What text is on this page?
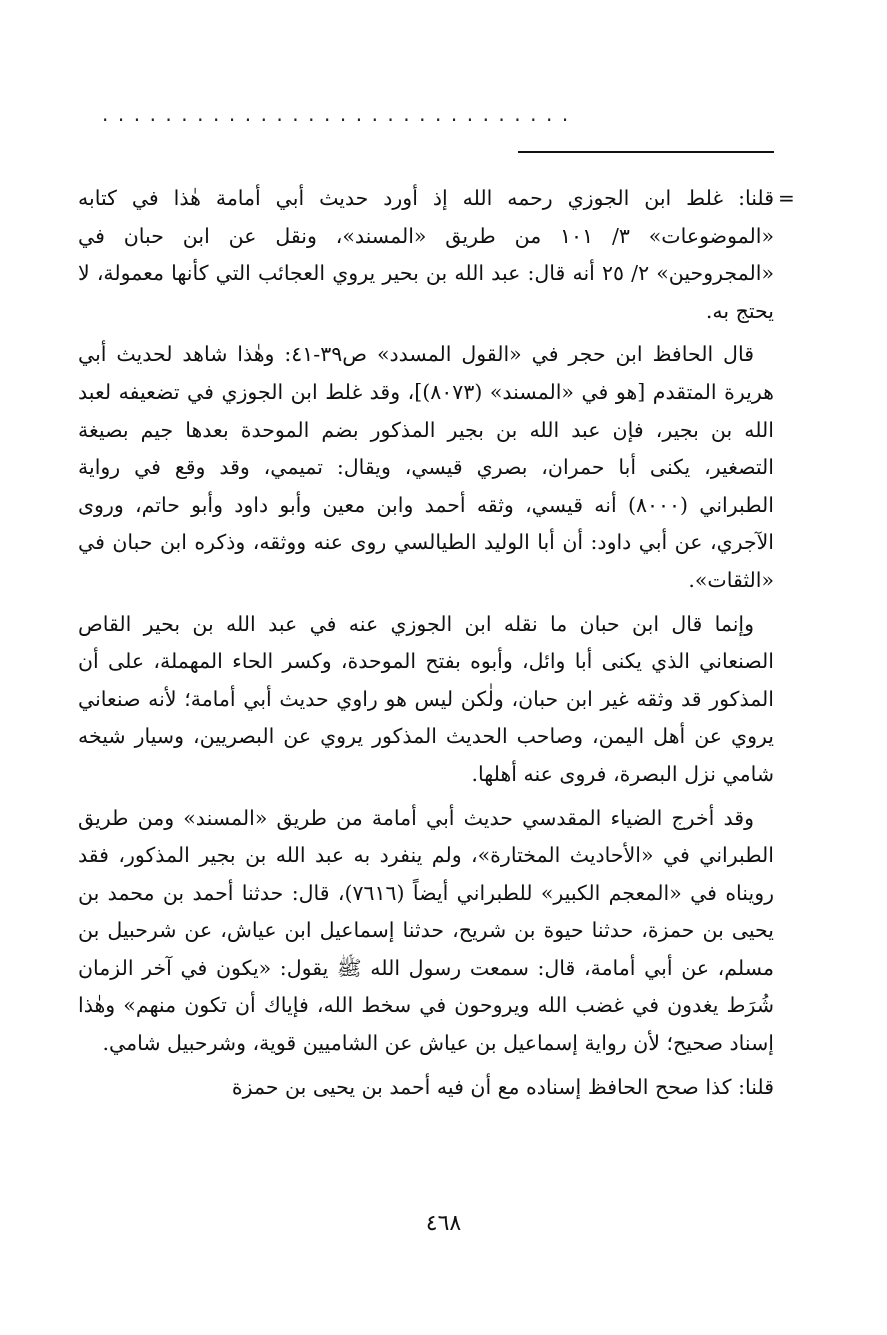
..............................
=

قلنا: غلط ابن الجوزي رحمه الله إذ أورد حديث أبي أمامة هٰذا في كتابه «الموضوعات» ٣/ ١٠١ من طريق «المسند»، ونقل عن ابن حبان في «المجروحين» ٢/ ٢٥ أنه قال: عبد الله بن بحير يروي العجائب التي كأنها معمولة، لا يحتج به.

قال الحافظ ابن حجر في «القول المسدد» ص٣٩-٤١: وهٰذا شاهد لحديث أبي هريرة المتقدم [هو في «المسند» (٨٠٧٣)]، وقد غلط ابن الجوزي في تضعيفه لعبد الله بن بجير، فإن عبد الله بن بجير المذكور بضم الموحدة بعدها جيم بصيغة التصغير، يكنى أبا حمران، بصري قيسي، ويقال: تميمي، وقد وقع في رواية الطبراني (٨٠٠٠) أنه قيسي، وثقه أحمد وابن معين وأبو داود وأبو حاتم، وروى الآجري، عن أبي داود: أن أبا الوليد الطيالسي روى عنه ووثقه، وذكره ابن حبان في «الثقات».

وإنما قال ابن حبان ما نقله ابن الجوزي عنه في عبد الله بن بحير القاص الصنعاني الذي يكنى أبا وائل، وأبوه بفتح الموحدة، وكسر الحاء المهملة، على أن المذكور قد وثقه غير ابن حبان، ولٰكن ليس هو راوي حديث أبي أمامة؛ لأنه صنعاني يروي عن أهل اليمن، وصاحب الحديث المذكور يروي عن البصريين، وسيار شيخه شامي نزل البصرة، فروى عنه أهلها.

وقد أخرج الضياء المقدسي حديث أبي أمامة من طريق «المسند» ومن طريق الطبراني في «الأحاديث المختارة»، ولم ينفرد به عبد الله بن بجير المذكور، فقد رويناه في «المعجم الكبير» للطبراني أيضاً (٧٦١٦)، قال: حدثنا أحمد بن محمد بن يحيى بن حمزة، حدثنا حيوة بن شريح، حدثنا إسماعيل ابن عياش، عن شرحبيل بن مسلم، عن أبي أمامة، قال: سمعت رسول الله ﷺ يقول: «يكون في آخر الزمان شُرَط يغدون في غضب الله ويروحون في سخط الله، فإياك أن تكون منهم» وهٰذا إسناد صحيح؛ لأن رواية إسماعيل بن عياش عن الشاميين قوية، وشرحبيل شامي.

قلنا: كذا صحح الحافظ إسناده مع أن فيه أحمد بن يحيى بن حمزة

٤٦٨
